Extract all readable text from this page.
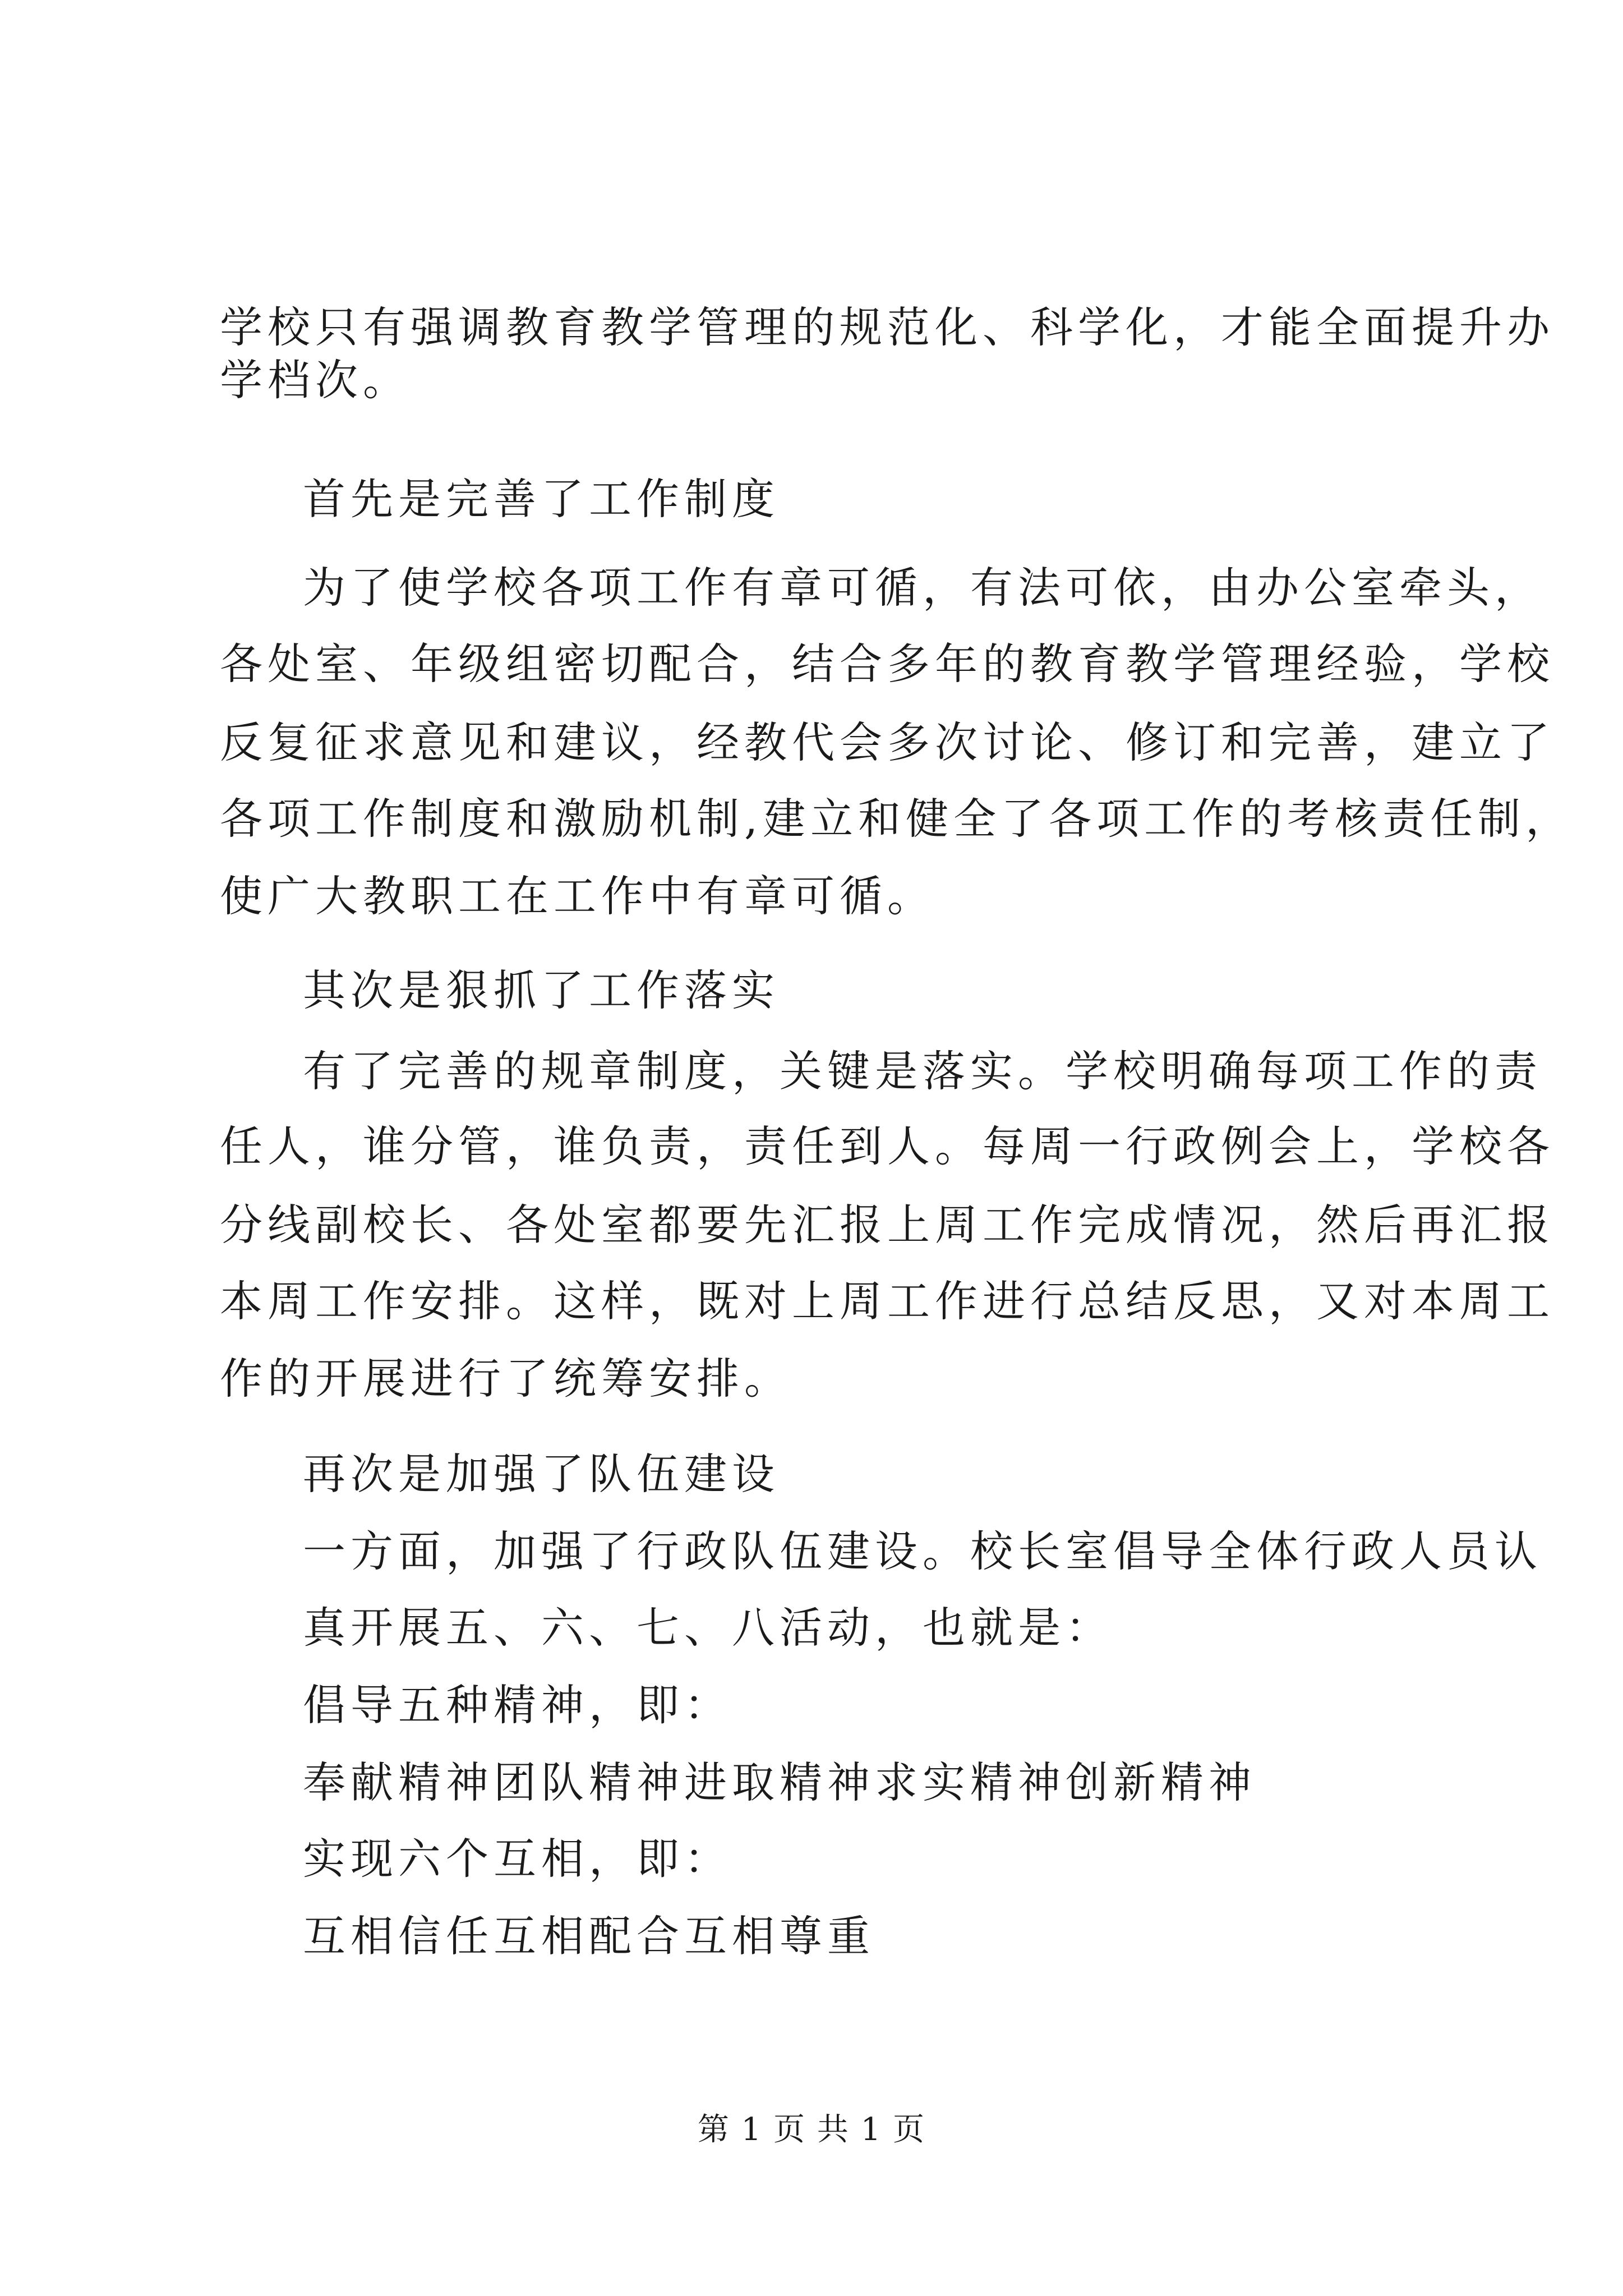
学校只有强调教育教学管理的规范化、科学化，才能全面提升办
学档次。
首先是完善了工作制度
为了使学校各项工作有章可循，有法可依，由办公室牵头，
各处室、年级组密切配合，结合多年的教育教学管理经验，学校
反复征求意见和建议，经教代会多次讨论、修订和完善，建立了
各项工作制度和激励机制,建立和健全了各项工作的考核责任制，
使广大教职工在工作中有章可循。
其次是狠抓了工作落实
有了完善的规章制度，关键是落实。学校明确每项工作的责
任人，谁分管，谁负责，责任到人。每周一行政例会上，学校各
分线副校长、各处室都要先汇报上周工作完成情况，然后再汇报
本周工作安排。这样，既对上周工作进行总结反思，又对本周工
作的开展进行了统筹安排。
再次是加强了队伍建设
一方面，加强了行政队伍建设。校长室倡导全体行政人员认
真开展五、六、七、八活动，也就是：
倡导五种精神，即：
奉献精神团队精神进取精神求实精神创新精神
实现六个互相，即：
互相信任互相配合互相尊重
第 1 页 共 1 页
